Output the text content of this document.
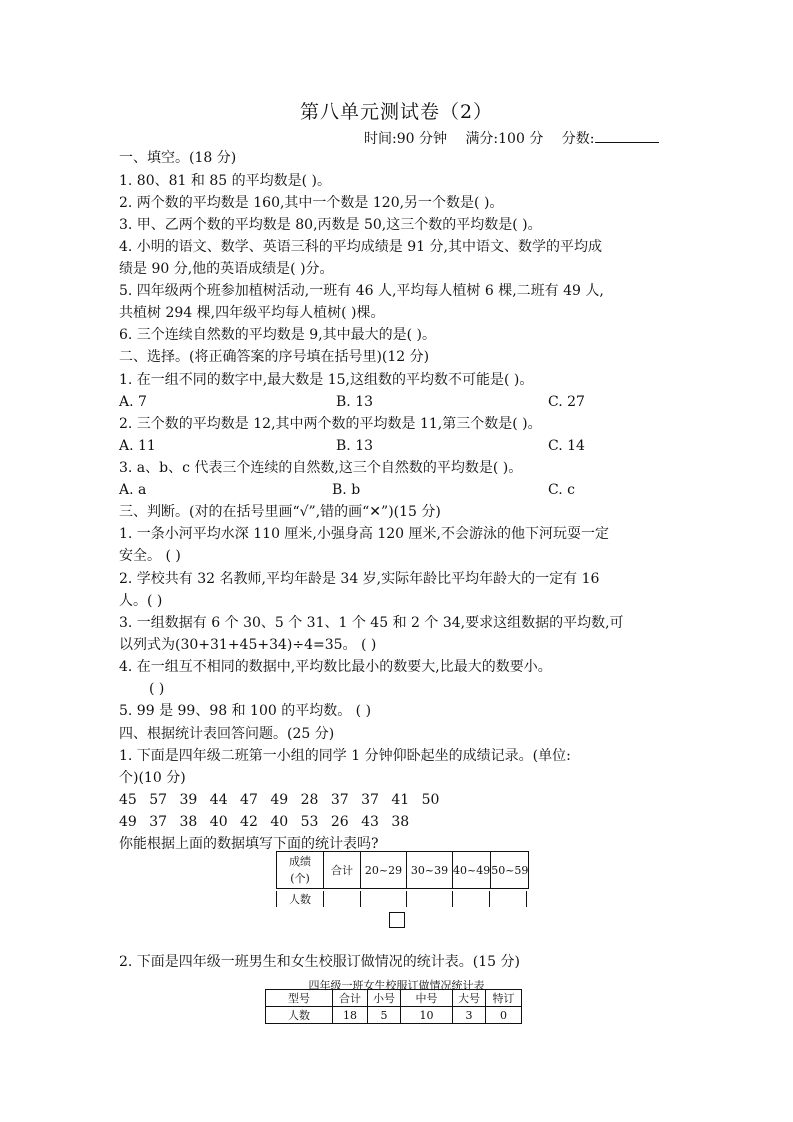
第八单元测试卷（2）
时间:90 分钟 满分:100 分 分数:
一、填空。(18 分)
1. 80、81 和 85 的平均数是( )。
2. 两个数的平均数是 160,其中一个数是 120,另一个数是( )。
3. 甲、乙两个数的平均数是 80,丙数是 50,这三个数的平均数是( )。
4. 小明的语文、数学、英语三科的平均成绩是 91 分,其中语文、数学的平均成
绩是 90 分,他的英语成绩是( )分。
5. 四年级两个班参加植树活动,一班有 46 人,平均每人植树 6 棵,二班有 49 人,
共植树 294 棵,四年级平均每人植树( )棵。
6. 三个连续自然数的平均数是 9,其中最大的是( )。
二、选择。(将正确答案的序号填在括号里)(12 分)
1. 在一组不同的数字中,最大数是 15,这组数的平均数不可能是( )。
A. 7	B. 13	C. 27
2. 三个数的平均数是 12,其中两个数的平均数是 11,第三个数是( )。
A. 11	B. 13	C. 14
3. a、b、c 代表三个连续的自然数,这三个自然数的平均数是( )。
A. a	B. b	C. c
三、判断。(对的在括号里画“√”,错的画“✕”)(15 分)
1. 一条小河平均水深 110 厘米,小强身高 120 厘米,不会游泳的他下河玩耍一定
安全。 ( )
2. 学校共有 32 名教师,平均年龄是 34 岁,实际年龄比平均年龄大的一定有 16
人。( )
3. 一组数据有 6 个 30、5 个 31、1 个 45 和 2 个 34,要求这组数据的平均数,可
以列式为(30+31+45+34)÷4=35。 ( )
4. 在一组互不相同的数据中,平均数比最小的数要大,比最大的数要小。
( )
5. 99 是 99、98 和 100 的平均数。 ( )
四、根据统计表回答问题。(25 分)
1. 下面是四年级二班第一小组的同学 1 分钟仰卧起坐的成绩记录。(单位:
个)(10 分)
45 57 39 44 47 49 28 37 37 41 50
49 37 38 40 42 40 53 26 43 38
你能根据上面的数据填写下面的统计表吗?
成绩
(个)	合计	20~29	30~39	40~49	50~59
人数					
2. 下面是四年级一班男生和女生校服订做情况的统计表。(15 分)
四年级一班女生校服订做情况统计表
型号	合计	小号	中号	大号	特订
人数	18	5	10	3	0
